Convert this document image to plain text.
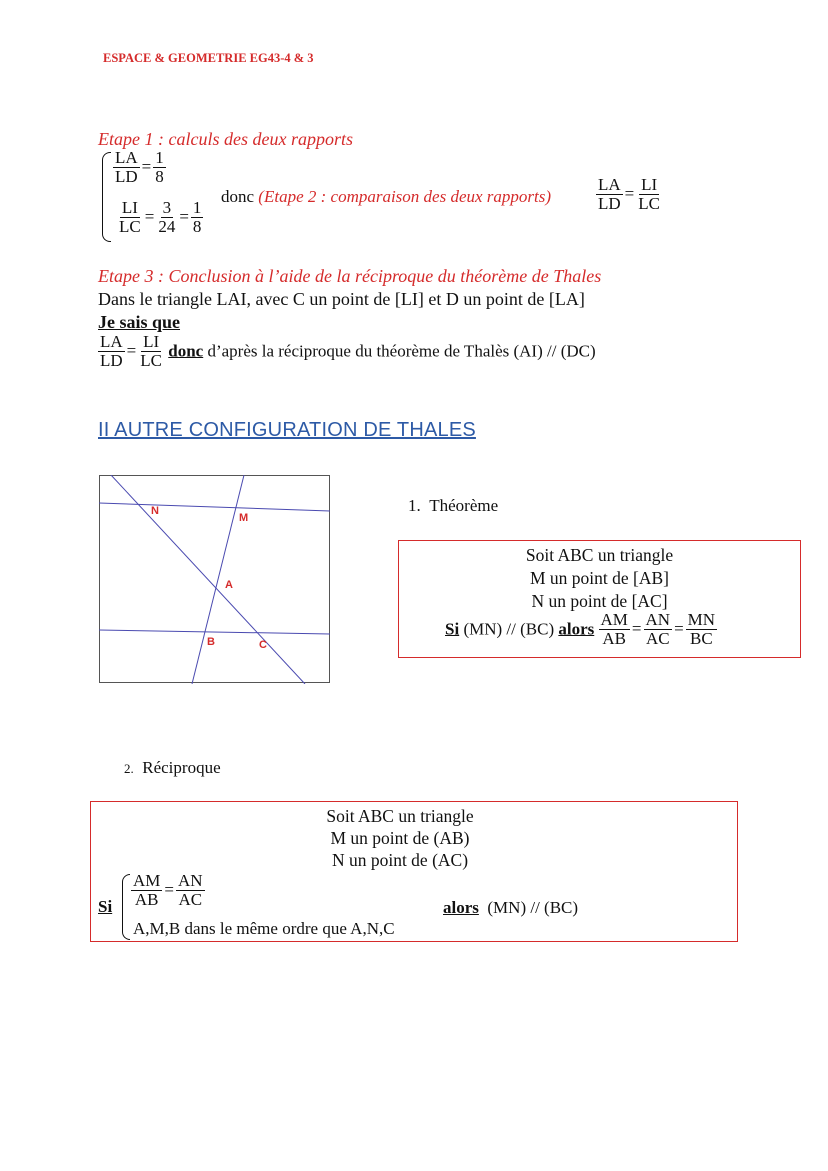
ESPACE & GEOMETRIE EG43-4 & 3
Etape 1 : calculs des deux rapports
$\frac{LA}{LD} = \frac{1}{8}$
$\frac{LI}{LC} = \frac{3}{24} = \frac{1}{8}$
donc (Etape 2 : comparaison des deux rapports)	$\frac{LA}{LD} = \frac{LI}{LC}$
Etape 3 : Conclusion à l’aide de la réciproque du théorème de Thales
Dans le triangle LAI, avec C un point de [LI] et D un point de [LA]
Je sais que
$\frac{LA}{LD} = \frac{LI}{LC}$ donc d’après la réciproque du théorème de Thalès (AI) // (DC)
II AUTRE CONFIGURATION DE THALES
N
M
A
B	C
1. Théorème
Soit ABC un triangle
M un point de [AB]
N un point de [AC]
Si (MN) // (BC) alors $\frac{AM}{AB} = \frac{AN}{AC} = \frac{MN}{BC}$
2. Réciproque
Soit ABC un triangle
M un point de (AB)
N un point de (AC)
Si $\frac{AM}{AB} = \frac{AN}{AC}$
A,M,B dans le même ordre que A,N,C
alors (MN) // (BC)
